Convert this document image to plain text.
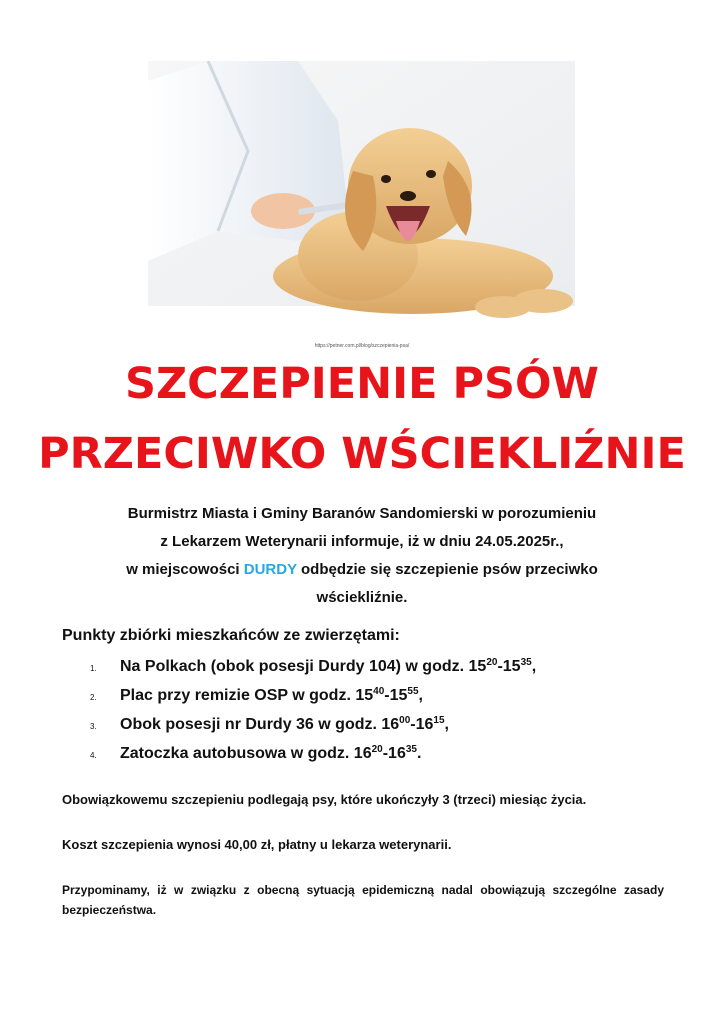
https://petner.com.pl/blog/szczepienia-psa/
SZCZEPIENIE PSÓW
PRZECIWKO WŚCIEKLIŹNIE
Burmistrz Miasta i Gminy Baranów Sandomierski w porozumieniu
z Lekarzem Weterynarii informuje, iż w dniu 24.05.2025r.,
w miejscowości DURDY odbędzie się szczepienie psów przeciwko
wściekliźnie.
Punkty zbiórki mieszkańców ze zwierzętami:
1. Na Polkach (obok posesji Durdy 104) w godz. $15^{20}-15^{35}$,
2. Plac przy remizie OSP w godz. $15^{40}-15^{55}$,
3. Obok posesji nr Durdy 36 w godz. $16^{00}-16^{15}$,
4. Zatoczka autobusowa w godz. $16^{20}-16^{35}$.
Obowiązkowemu szczepieniu podlegają psy, które ukończyły 3 (trzeci) miesiąc życia.
Koszt szczepienia wynosi 40,00 zł, płatny u lekarza weterynarii.
Przypominamy, iż w związku z obecną sytuacją epidemiczną nadal obowiązują szczególne zasady bezpieczeństwa.
